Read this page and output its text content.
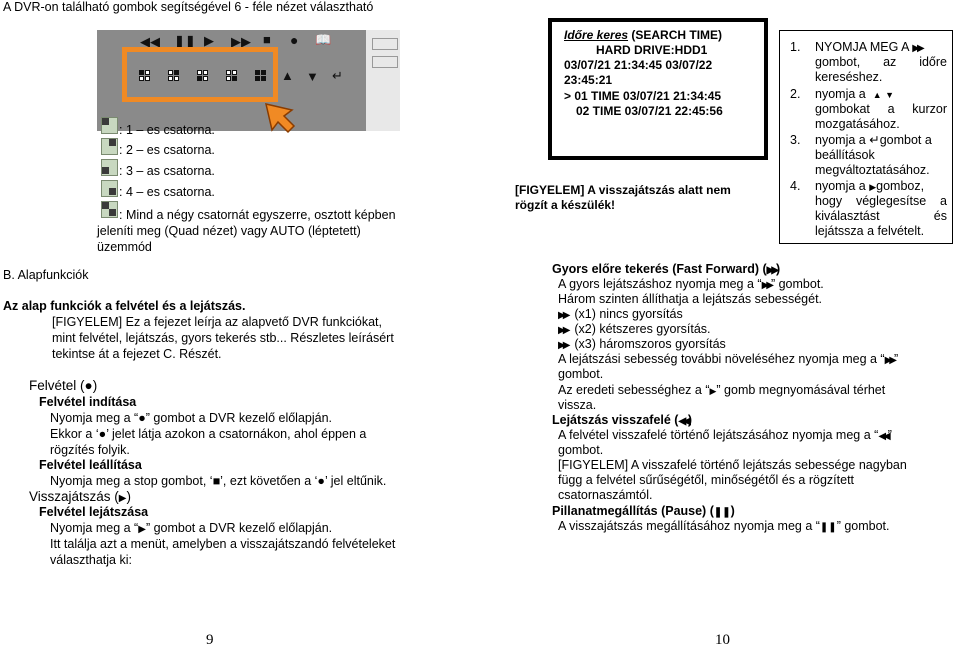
A DVR-on található gombok segítségével 6 - féle nézet választható
◀◀ ❚❚ ▶ ▶▶ ■ ● 📖
▲ ▼ ↵
: 1 – es csatorna.
: 2 – es csatorna.
: 3 – as csatorna.
: 4 – es csatorna.
: Mind a négy csatornát egyszerre, osztott képben
jeleníti meg (Quad nézet) vagy AUTO (léptetett)
üzemmód
B. Alapfunkciók
Az alap funkciók a felvétel és a lejátszás.
[FIGYELEM] Ez a fejezet leírja az alapvető DVR funkciókat,
mint felvétel, lejátszás, gyors tekerés stb... Részletes leírásért
tekintse át a fejezet C. Részét.
Felvétel (●)
Felvétel indítása
Nyomja meg a “●” gombot a DVR kezelő előlapján.
Ekkor a ‘●’ jelet látja azokon a csatornákon, ahol éppen a
rögzítés folyik.
Felvétel leállítása
Nyomja meg a stop gombot, ‘■’, ezt követően a ‘●’ jel eltűnik.
Visszajátszás (▶)
Felvétel lejátszása
Nyomja meg a “▶” gombot a DVR kezelő előlapján.
Itt találja azt a menüt, amelyben a visszajátszandó felvételeket
választhatja ki:
Időre keres (SEARCH TIME)
HARD DRIVE:HDD1
03/07/21 21:34:45 03/07/22
23:45:21
> 01 TIME 03/07/21 21:34:45
02 TIME 03/07/21 22:45:56
[FIGYELEM] A visszajátszás alatt nem
rögzít a készülék!
1. NYOMJA MEG A ▶▶
gombot, az időre
kereséshez.
2. nyomja a ▲ ▼
gombokat a kurzor
mozgatásához.
3. nyomja a ↵gombot a
beállítások
megváltoztatásához.
4. nyomja a ▶gomboz,
hogy véglegesítse a
kiválasztást és
lejátssza a felvételt.
Gyors előre tekerés (Fast Forward) (▶▶)
A gyors lejátszáshoz nyomja meg a “▶▶” gombot.
Három szinten állíthatja a lejátszás sebességét.
▶▶ (x1) nincs gyorsítás
▶▶ (x2) kétszeres gyorsítás.
▶▶ (x3) háromszoros gyorsítás
A lejátszási sebesség további növeléséhez nyomja meg a “▶▶”
gombot.
Az eredeti sebességhez a “▶” gomb megnyomásával térhet
vissza.
Lejátszás visszafelé (◀◀)
A felvétel visszafelé történő lejátszásához nyomja meg a “◀◀”
gombot.
[FIGYELEM] A visszafelé történő lejátszás sebessége nagyban
függ a felvétel sűrűségétől, minőségétől és a rögzített
csatornaszámtól.
Pillanatmegállítás (Pause) (❚❚)
A visszajátszás megállításához nyomja meg a “❚❚” gombot.
9	10
